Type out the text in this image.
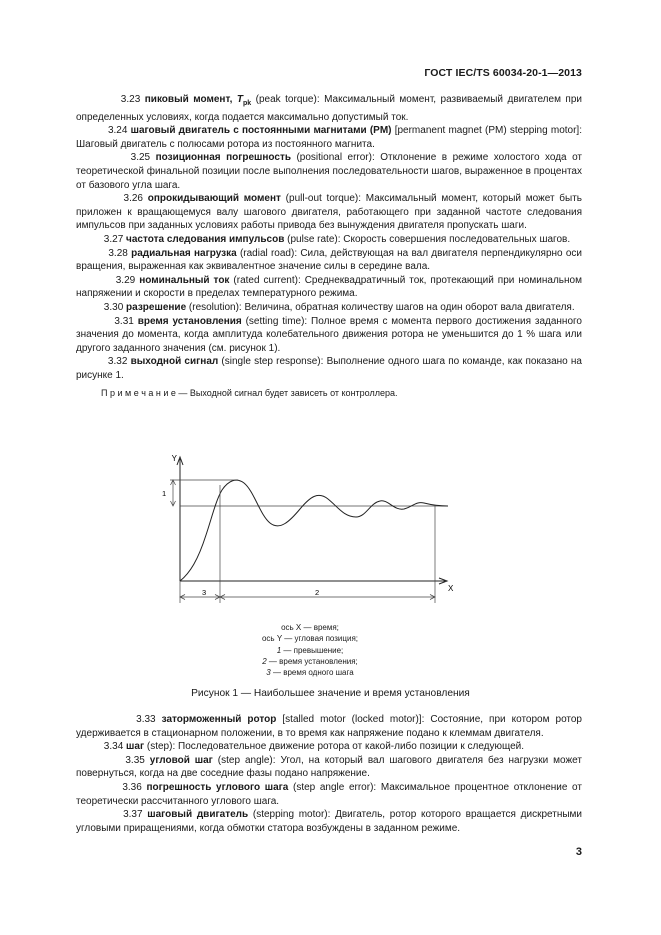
ГОСТ IEC/TS 60034-20-1—2013

3.23 пиковый момент, $T_{pk}$ (peak torque): Максимальный момент, развиваемый двигателем при определенных условиях, когда подается максимально допустимый ток.

3.24 шаговый двигатель с постоянными магнитами (PM) [permanent magnet (PM) stepping motor]: Шаговый двигатель с полюсами ротора из постоянного магнита.

3.25 позиционная погрешность (positional error): Отклонение в режиме холостого хода от теоретической финальной позиции после выполнения последовательности шагов, выраженное в процентах от базового угла шага.

3.26 опрокидывающий момент (pull-out torque): Максимальный момент, который может быть приложен к вращающемуся валу шагового двигателя, работающего при заданной частоте следования импульсов при заданных условиях работы привода без вынуждения двигателя пропускать шаги.

3.27 частота следования импульсов (pulse rate): Скорость совершения последовательных шагов.

3.28 радиальная нагрузка (radial road): Сила, действующая на вал двигателя перпендикулярно оси вращения, выраженная как эквивалентное значение силы в середине вала.

3.29 номинальный ток (rated current): Среднеквадратичный ток, протекающий при номинальном напряжении и скорости в пределах температурного режима.

3.30 разрешение (resolution): Величина, обратная количеству шагов на один оборот вала двигателя.

3.31 время установления (setting time): Полное время с момента первого достижения заданного значения до момента, когда амплитуда колебательного движения ротора не уменьшится до 1 % шага или другого заданного значения (см. рисунок 1).

3.32 выходной сигнал (single step response): Выполнение одного шага по команде, как показано на рисунке 1.

П р и м е ч а н и е — Выходной сигнал будет зависеть от контроллера.

Y
X
1
3	2
ось X — время;
ось Y — угловая позиция;
1 — превышение;
2 — время установления;
3 — время одного шага
Рисунок 1 — Наибольшее значение и время установления

3.33 заторможенный ротор [stalled motor (locked motor)]: Состояние, при котором ротор удерживается в стационарном положении, в то время как напряжение подано к клеммам двигателя.

3.34 шаг (step): Последовательное движение ротора от какой-либо позиции к следующей.

3.35 угловой шаг (step angle): Угол, на который вал шагового двигателя без нагрузки может повернуться, когда на две соседние фазы подано напряжение.

3.36 погрешность углового шага (step angle error): Максимальное процентное отклонение от теоретически рассчитанного углового шага.

3.37 шаговый двигатель (stepping motor): Двигатель, ротор которого вращается дискретными угловыми приращениями, когда обмотки статора возбуждены в заданном режиме.

3
